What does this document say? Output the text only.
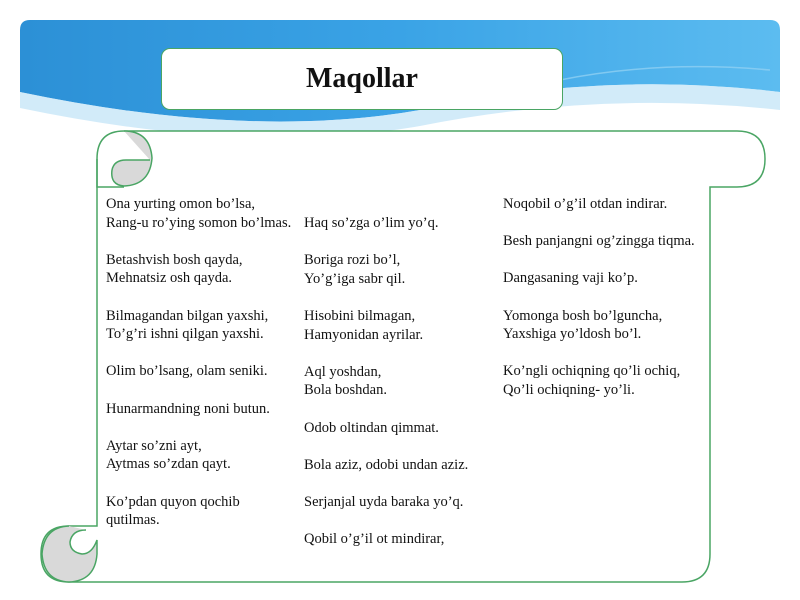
Maqollar

Ona yurting omon bo’lsa,
Rang-u ro’ying somon bo’lmas.

Betashvish bosh qayda,
Mehnatsiz osh qayda.

Bilmagandan bilgan yaxshi,
To’g’ri ishni qilgan yaxshi.

Olim bo’lsang, olam seniki.

Hunarmandning noni butun.

Aytar so’zni ayt,
Aytmas so’zdan qayt.

Ko’pdan quyon qochib qutilmas.

Haq so’zga o’lim yo’q.

Boriga rozi bo’l,
Yo’g’iga sabr qil.

Hisobini bilmagan,
Hamyonidan ayrilar.

Aql yoshdan,
Bola boshdan.

Odob oltindan qimmat.

Bola aziz, odobi undan aziz.

Serjanjal uyda baraka yo’q.

Qobil o’g’il ot mindirar,

Noqobil o’g’il otdan indirar.

Besh panjangni og’zingga tiqma.

Dangasaning vaji ko’p.

Yomonga bosh bo’lguncha,
Yaxshiga yo’ldosh bo’l.

Ko’ngli ochiqning qo’li ochiq,
Qo’li ochiqning- yo’li.
